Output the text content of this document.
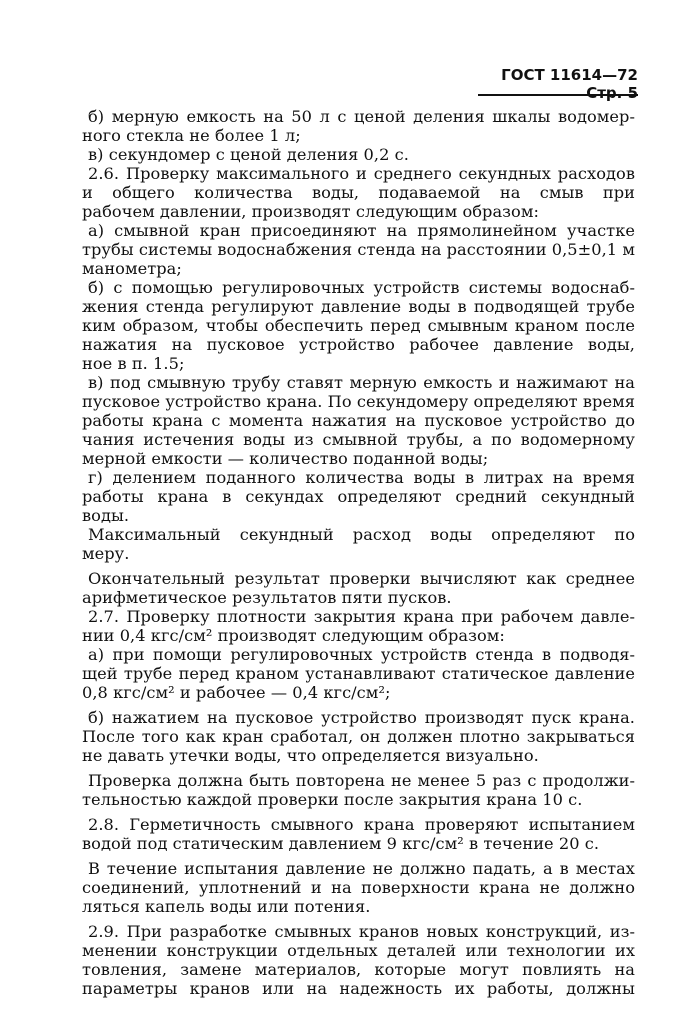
ГОСТ 11614—72 Стр. 5
б) мерную емкость на 50 л с ценой деления шкалы водомер-
ного стекла не более 1 л;
в) секундомер с ценой деления 0,2 с.
2.6. Проверку максимального и среднего секундных расходов
и общего количества воды, подаваемой на смыв при
рабочем давлении, производят следующим образом:
а) смывной кран присоединяют на прямолинейном участке
трубы системы водоснабжения стенда на расстоянии 0,5±0,1 м
манометра;
б) с помощью регулировочных устройств системы водоснаб-
жения стенда регулируют давление воды в подводящей трубе
ким образом, чтобы обеспечить перед смывным краном после
нажатия на пусковое устройство рабочее давление воды,
ное в п. 1.5;
в) под смывную трубу ставят мерную емкость и нажимают на
пусковое устройство крана. По секундомеру определяют время
работы крана с момента нажатия на пусковое устройство до
чания истечения воды из смывной трубы, а по водомерному
мерной емкости — количество поданной воды;
г) делением поданного количества воды в литрах на время
работы крана в секундах определяют средний секундный
воды.
Максимальный секундный расход воды определяют по
меру.
Окончательный результат проверки вычисляют как среднее
арифметическое результатов пяти пусков.
2.7. Проверку плотности закрытия крана при рабочем давле-
нии 0,4 кгс/см² производят следующим образом:
а) при помощи регулировочных устройств стенда в подводя-
щей трубе перед краном устанавливают статическое давление
0,8 кгс/см² и рабочее — 0,4 кгс/см²;
б) нажатием на пусковое устройство производят пуск крана.
После того как кран сработал, он должен плотно закрываться
не давать утечки воды, что определяется визуально.
Проверка должна быть повторена не менее 5 раз с продолжи-
тельностью каждой проверки после закрытия крана 10 с.
2.8. Герметичность смывного крана проверяют испытанием
водой под статическим давлением 9 кгс/см² в течение 20 с.
В течение испытания давление не должно падать, а в местах
соединений, уплотнений и на поверхности крана не должно
ляться капель воды или потения.
2.9. При разработке смывных кранов новых конструкций, из-
менении конструкции отдельных деталей или технологии их
товления, замене материалов, которые могут повлиять на
параметры кранов или на надежность их работы, должны
